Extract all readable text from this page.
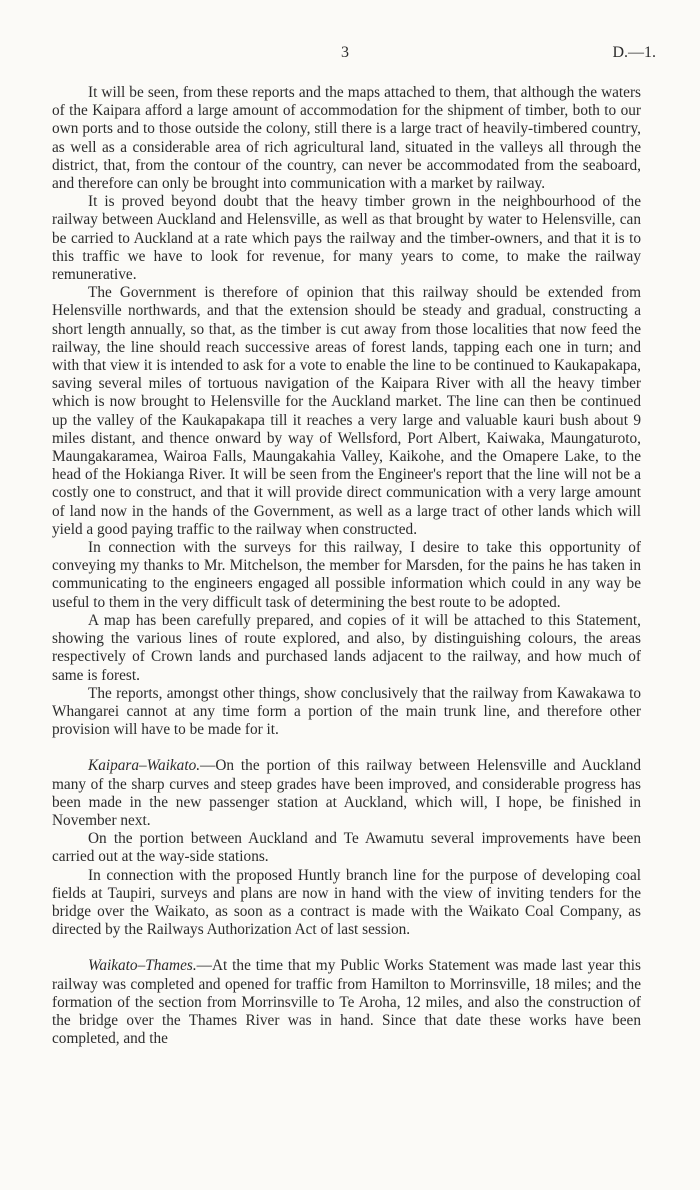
3	D.—1.

It will be seen, from these reports and the maps attached to them, that although the waters of the Kaipara afford a large amount of accommodation for the shipment of timber, both to our own ports and to those outside the colony, still there is a large tract of heavily-timbered country, as well as a considerable area of rich agricultural land, situated in the valleys all through the district, that, from the contour of the country, can never be accommodated from the seaboard, and therefore can only be brought into communication with a market by railway.

It is proved beyond doubt that the heavy timber grown in the neighbourhood of the railway between Auckland and Helensville, as well as that brought by water to Helensville, can be carried to Auckland at a rate which pays the railway and the timber-owners, and that it is to this traffic we have to look for revenue, for many years to come, to make the railway remunerative.

The Government is therefore of opinion that this railway should be extended from Helensville northwards, and that the extension should be steady and gradual, constructing a short length annually, so that, as the timber is cut away from those localities that now feed the railway, the line should reach successive areas of forest lands, tapping each one in turn; and with that view it is intended to ask for a vote to enable the line to be continued to Kaukapakapa, saving several miles of tortuous navigation of the Kaipara River with all the heavy timber which is now brought to Helensville for the Auckland market. The line can then be continued up the valley of the Kaukapakapa till it reaches a very large and valuable kauri bush about 9 miles distant, and thence onward by way of Wellsford, Port Albert, Kaiwaka, Maungaturoto, Maungakaramea, Wairoa Falls, Maungakahia Valley, Kaikohe, and the Omapere Lake, to the head of the Hokianga River. It will be seen from the Engineer's report that the line will not be a costly one to construct, and that it will provide direct communication with a very large amount of land now in the hands of the Government, as well as a large tract of other lands which will yield a good paying traffic to the railway when constructed.

In connection with the surveys for this railway, I desire to take this opportunity of conveying my thanks to Mr. Mitchelson, the member for Marsden, for the pains he has taken in communicating to the engineers engaged all possible information which could in any way be useful to them in the very difficult task of determining the best route to be adopted.

A map has been carefully prepared, and copies of it will be attached to this Statement, showing the various lines of route explored, and also, by distinguishing colours, the areas respectively of Crown lands and purchased lands adjacent to the railway, and how much of same is forest.

The reports, amongst other things, show conclusively that the railway from Kawakawa to Whangarei cannot at any time form a portion of the main trunk line, and therefore other provision will have to be made for it.

Kaipara–Waikato.—On the portion of this railway between Helensville and Auckland many of the sharp curves and steep grades have been improved, and considerable progress has been made in the new passenger station at Auckland, which will, I hope, be finished in November next.

On the portion between Auckland and Te Awamutu several improvements have been carried out at the way-side stations.

In connection with the proposed Huntly branch line for the purpose of developing coal fields at Taupiri, surveys and plans are now in hand with the view of inviting tenders for the bridge over the Waikato, as soon as a contract is made with the Waikato Coal Company, as directed by the Railways Authorization Act of last session.

Waikato–Thames.—At the time that my Public Works Statement was made last year this railway was completed and opened for traffic from Hamilton to Morrinsville, 18 miles; and the formation of the section from Morrinsville to Te Aroha, 12 miles, and also the construction of the bridge over the Thames River was in hand. Since that date these works have been completed, and the
